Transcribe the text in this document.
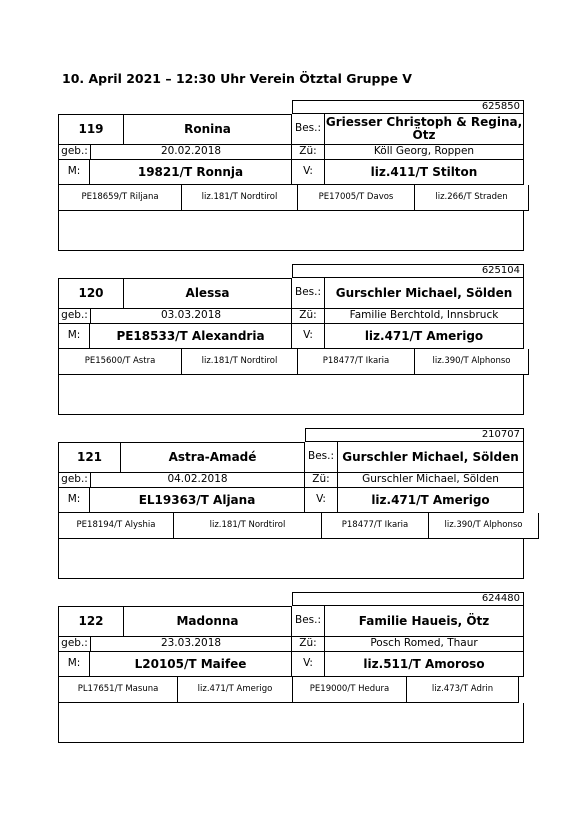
10. April 2021 – 12:30 Uhr Verein Ötztal Gruppe V
625850
119	Ronina	Bes.: Griesser Christoph & Regina, Ötz
geb.:	20.02.2018	Zü:	Köll Georg, Roppen
M:	19821/T Ronnja	V:	liz.411/T Stilton
PE18659/T Riljana	liz.181/T Nordtirol	PE17005/T Davos	liz.266/T Straden
625104
120	Alessa	Bes.:	Gurschler Michael, Sölden
geb.:	03.03.2018	Zü:	Familie Berchtold, Innsbruck
M:	PE18533/T Alexandria	V:	liz.471/T Amerigo
PE15600/T Astra	liz.181/T Nordtirol	P18477/T Ikaria	liz.390/T Alphonso
210707
121	Astra-Amadé	Bes.: Gurschler Michael, Sölden
geb.:	04.02.2018	Zü:	Gurschler Michael, Sölden
M:	EL19363/T Aljana	V:	liz.471/T Amerigo
PE18194/T Alyshia	liz.181/T Nordtirol	P18477/T Ikaria	liz.390/T Alphonso
624480
122	Madonna	Bes.:	Familie Haueis, Ötz
geb.:	23.03.2018	Zü:	Posch Romed, Thaur
M:	L20105/T Maifee	V:	liz.511/T Amoroso
PL17651/T Masuna	liz.471/T Amerigo	PE19000/T Hedura	liz.473/T Adrin
